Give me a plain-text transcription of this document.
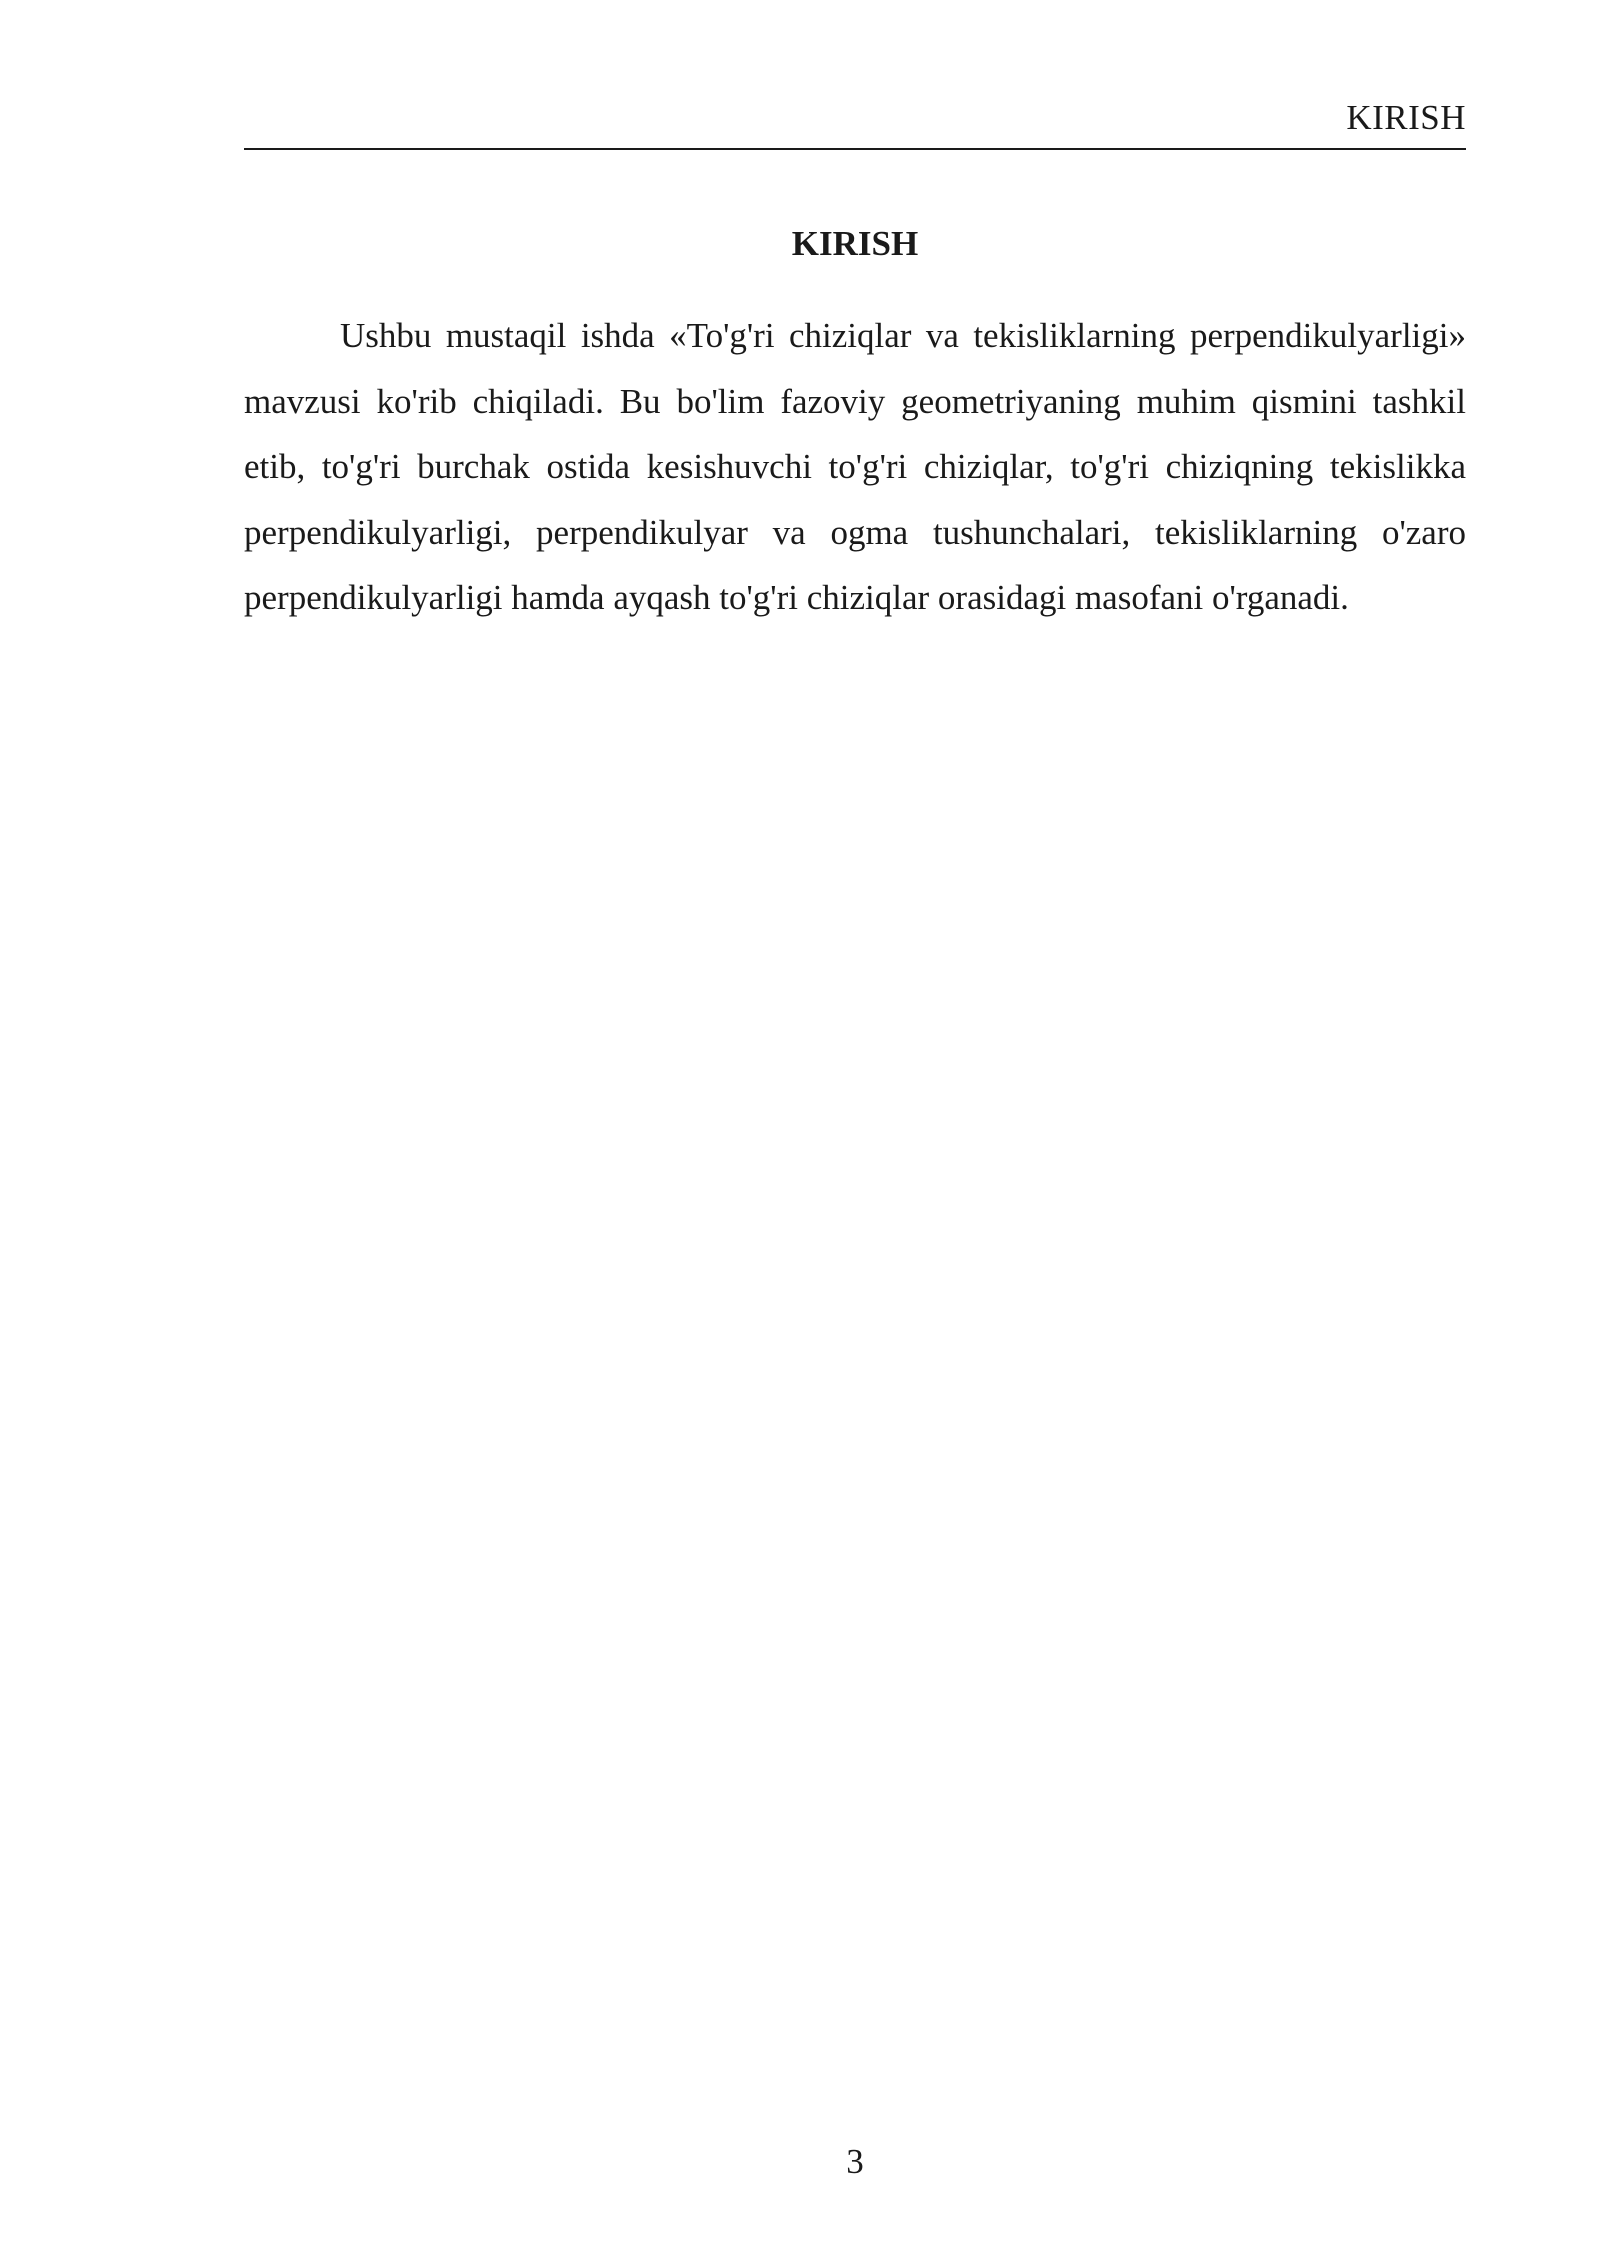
KIRISH
KIRISH

Ushbu mustaqil ishda «To'g'ri chiziqlar va tekisliklarning perpendikulyarligi» mavzusi ko'rib chiqiladi. Bu bo'lim fazoviy geometriyaning muhim qismini tashkil etib, to'g'ri burchak ostida kesishuvchi to'g'ri chiziqlar, to'g'ri chiziqning tekislikka perpendikulyarligi, perpendikulyar va ogma tushunchalari, tekisliklarning o'zaro perpendikulyarligi hamda ayqash to'g'ri chiziqlar orasidagi masofani o'rganadi.

3
